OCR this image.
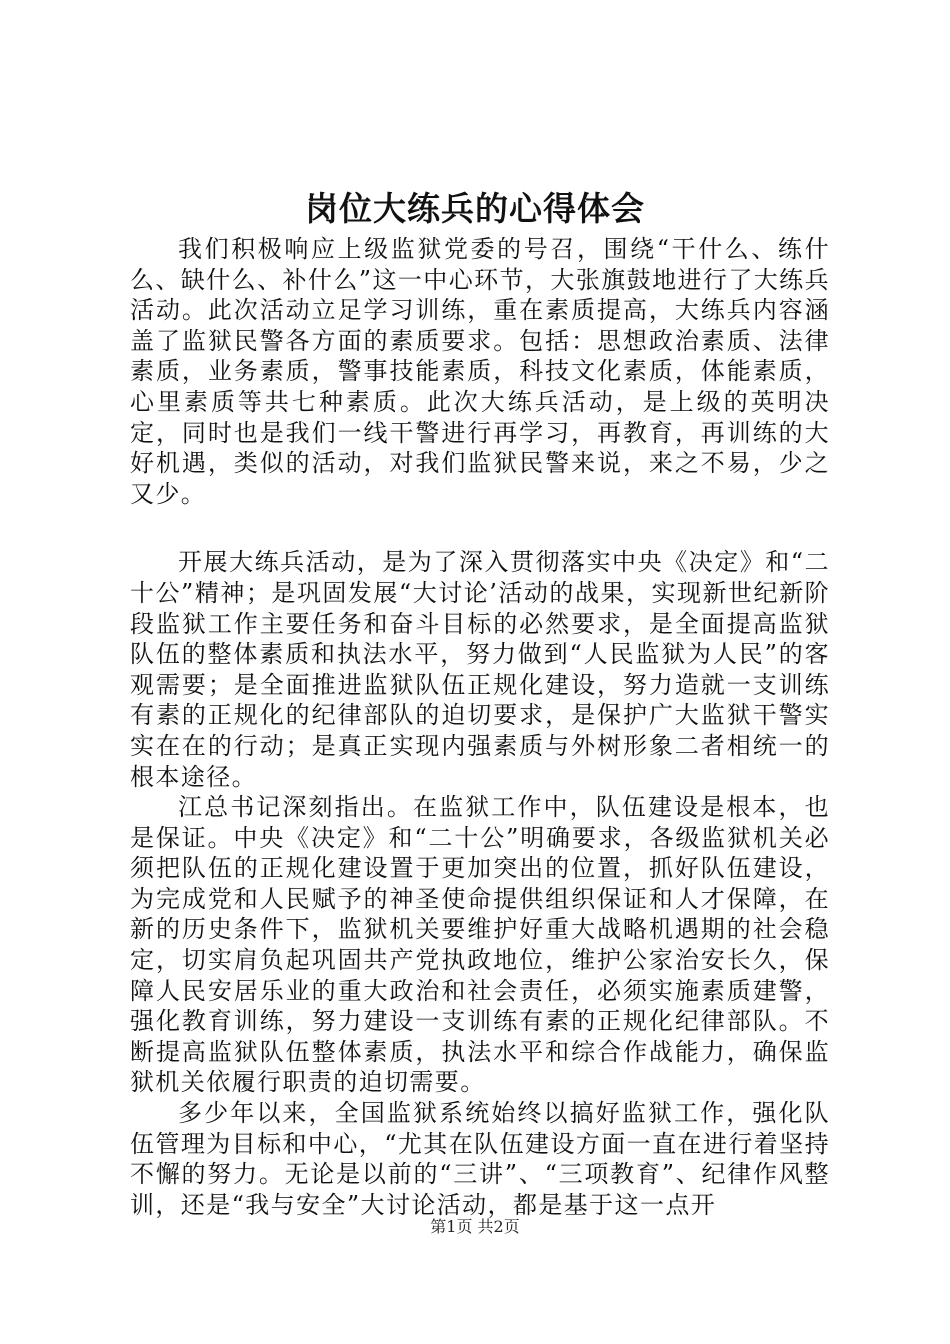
岗位大练兵的心得体会

我们积极响应上级监狱党委的号召，围绕“干什么、练什么、缺什么、补什么”这一中心环节，大张旗鼓地进行了大练兵活动。此次活动立足学习训练，重在素质提高，大练兵内容涵盖了监狱民警各方面的素质要求。包括：思想政治素质、法律素质，业务素质，警事技能素质，科技文化素质，体能素质，心里素质等共七种素质。此次大练兵活动，是上级的英明决定，同时也是我们一线干警进行再学习，再教育，再训练的大好机遇，类似的活动，对我们监狱民警来说，来之不易，少之又少。

开展大练兵活动，是为了深入贯彻落实中央《决定》和“二十公”精神；是巩固发展“大讨论’活动的战果，实现新世纪新阶段监狱工作主要任务和奋斗目标的必然要求，是全面提高监狱队伍的整体素质和执法水平，努力做到“人民监狱为人民”的客观需要；是全面推进监狱队伍正规化建设，努力造就一支训练有素的正规化的纪律部队的迫切要求，是保护广大监狱干警实实在在的行动；是真正实现内强素质与外树形象二者相统一的根本途径。

江总书记深刻指出。在监狱工作中，队伍建设是根本，也是保证。中央《决定》和“二十公”明确要求，各级监狱机关必须把队伍的正规化建设置于更加突出的位置，抓好队伍建设，为完成党和人民赋予的神圣使命提供组织保证和人才保障，在新的历史条件下，监狱机关要维护好重大战略机遇期的社会稳定，切实肩负起巩固共产党执政地位，维护公家治安长久，保障人民安居乐业的重大政治和社会责任，必须实施素质建警，强化教育训练，努力建设一支训练有素的正规化纪律部队。不断提高监狱队伍整体素质，执法水平和综合作战能力，确保监狱机关依履行职责的迫切需要。

多少年以来，全国监狱系统始终以搞好监狱工作，强化队伍管理为目标和中心，“尤其在队伍建设方面一直在进行着坚持不懈的努力。无论是以前的“三讲”、“三项教育”、纪律作风整训，还是“我与安全”大讨论活动，都是基于这一点开

第1页 共2页
